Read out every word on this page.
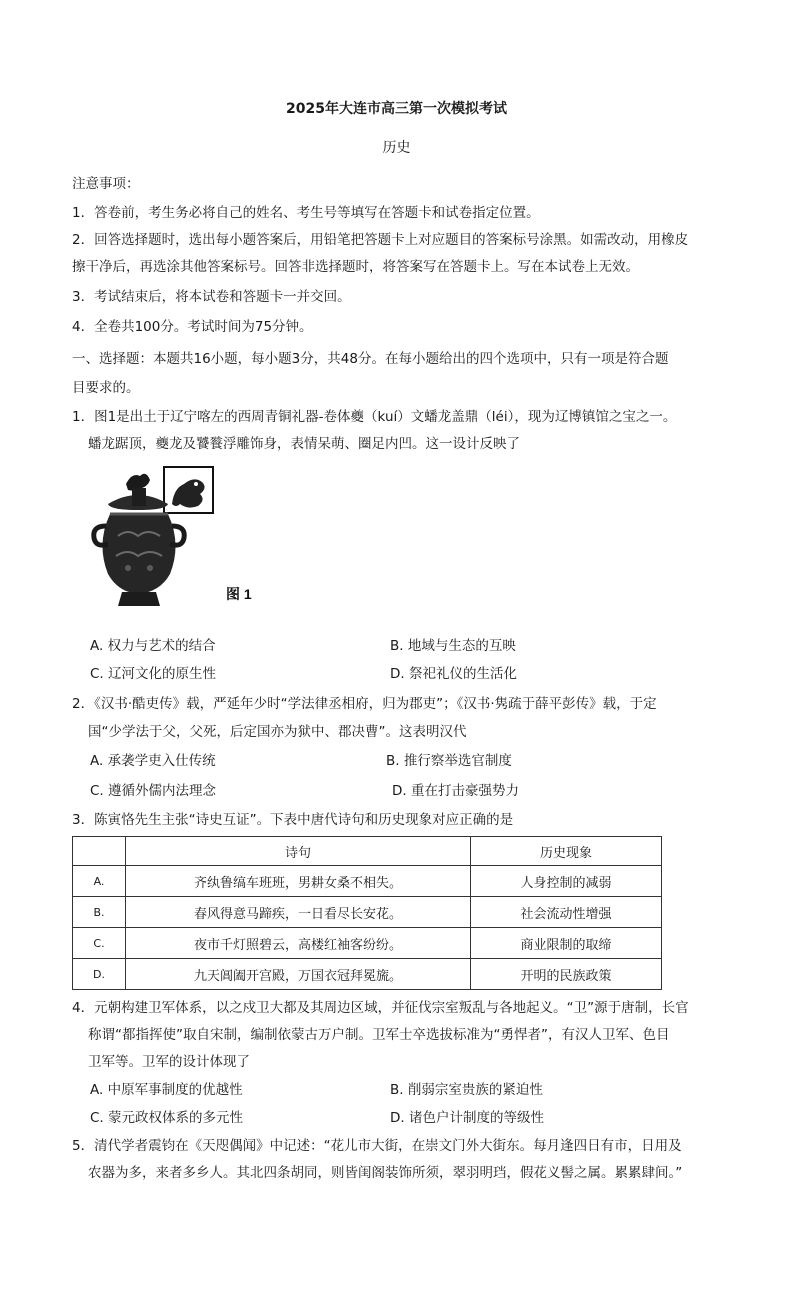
2025年大连市高三第一次模拟考试
历史
注意事项：
1．答卷前，考生务必将自己的姓名、考生号等填写在答题卡和试卷指定位置。
2．回答选择题时，选出每小题答案后，用铅笔把答题卡上对应题目的答案标号涂黑。如需改动，用橡皮
擦干净后，再选涂其他答案标号。回答非选择题时，将答案写在答题卡上。写在本试卷上无效。
3．考试结束后，将本试卷和答题卡一并交回。
4．全卷共100分。考试时间为75分钟。
一、选择题：本题共16小题，每小题3分，共48分。在每小题给出的四个选项中，只有一项是符合题
目要求的。
1．图1是出土于辽宁喀左的西周青铜礼器-卷体夔（kuí）文蟠龙盖鼎（léi），现为辽博镇馆之宝之一。
蟠龙踞顶，夔龙及饕餮浮雕饰身，表情呆萌、圈足内凹。这一设计反映了
图 1
A. 权力与艺术的结合	B. 地域与生态的互映
C. 辽河文化的原生性	D. 祭祀礼仪的生活化
2．《汉书·酷吏传》载，严延年少时“学法律丞相府，归为郡吏”；《汉书·隽疏于薛平彭传》载，于定
国“少学法于父，父死，后定国亦为狱中、郡决曹”。这表明汉代
A. 承袭学吏入仕传统	B. 推行察举选官制度
C. 遵循外儒内法理念	D. 重在打击豪强势力
3．陈寅恪先生主张“诗史互证”。下表中唐代诗句和历史现象对应正确的是
	诗句	历史现象
A.	齐纨鲁缟车班班，男耕女桑不相失。	人身控制的减弱
B.	春风得意马蹄疾，一日看尽长安花。	社会流动性增强
C.	夜市千灯照碧云，高楼红袖客纷纷。	商业限制的取缔
D.	九天阊阖开宫殿，万国衣冠拜冕旒。	开明的民族政策
4．元朝构建卫军体系，以之戍卫大都及其周边区域，并征伐宗室叛乱与各地起义。“卫”源于唐制，长官
称谓“都指挥使”取自宋制，编制依蒙古万户制。卫军士卒选拔标准为“勇悍者”，有汉人卫军、色目
卫军等。卫军的设计体现了
A. 中原军事制度的优越性	B. 削弱宗室贵族的紧迫性
C. 蒙元政权体系的多元性	D. 诸色户计制度的等级性
5．清代学者震钧在《天咫偶闻》中记述：“花儿市大街，在崇文门外大街东。每月逢四日有市，日用及
农器为多，来者多乡人。其北四条胡同，则皆闺阁装饰所须，翠羽明珰，假花义髻之属。累累肆间。”
